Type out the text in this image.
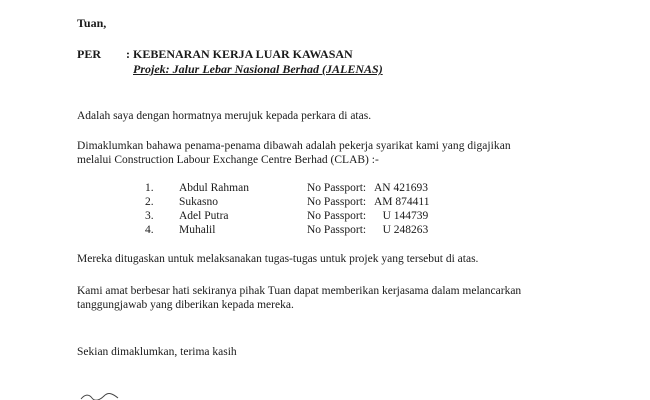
Tuan,
PER : KEBENARAN KERJA LUAR KAWASAN
Projek: Jalur Lebar Nasional Berhad (JALENAS)
Adalah saya dengan hormatnya merujuk kepada perkara di atas.
Dimaklumkan bahawa penama-penama dibawah adalah pekerja syarikat kami yang digajikan
melalui Construction Labour Exchange Centre Berhad (CLAB) :-
1. Abdul Rahman	No Passport: AN 421693
2. Sukasno	No Passport: AM 874411
3. Adel Putra	No Passport: U 144739
4. Muhalil	No Passport: U 248263
Mereka ditugaskan untuk melaksanakan tugas-tugas untuk projek yang tersebut di atas.
Kami amat berbesar hati sekiranya pihak Tuan dapat memberikan kerjasama dalam melancarkan
tanggungjawab yang diberikan kepada mereka.
Sekian dimaklumkan, terima kasih
